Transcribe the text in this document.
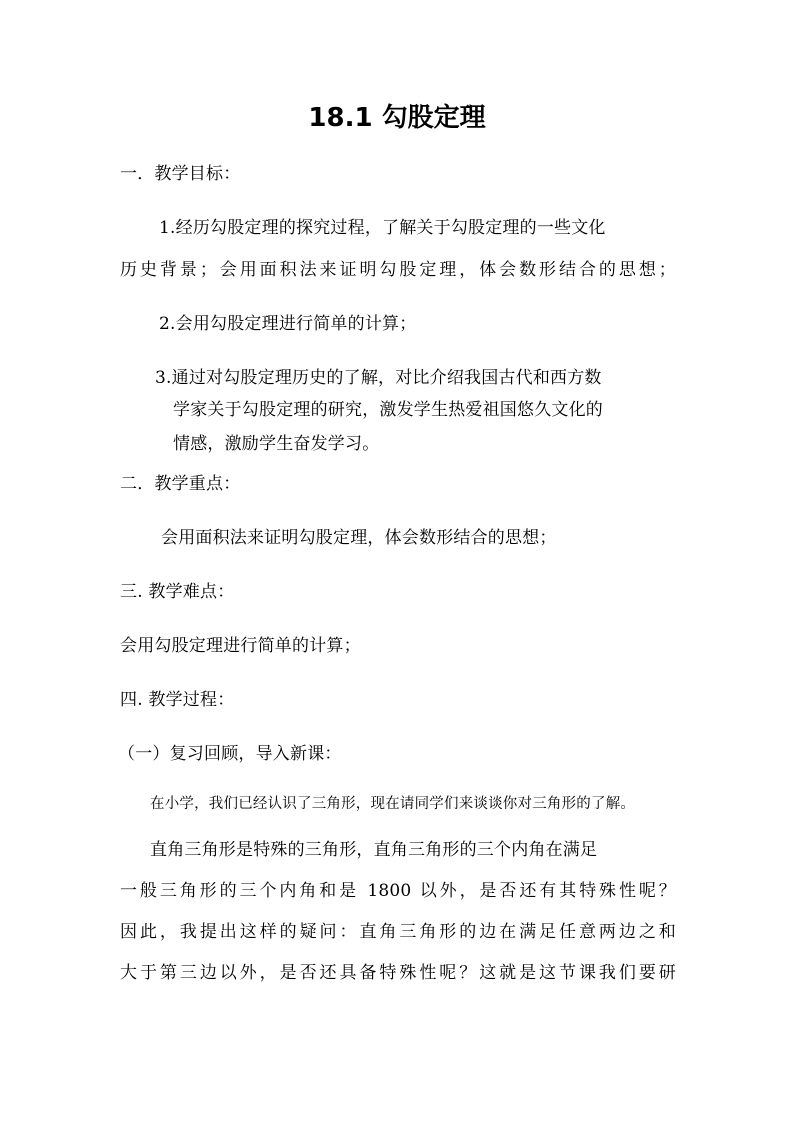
18.1 勾股定理
一．教学目标：
1.经历勾股定理的探究过程，了解关于勾股定理的一些文化
历史背景；会用面积法来证明勾股定理，体会数形结合的思想；
2.会用勾股定理进行简单的计算；
3.通过对勾股定理历史的了解，对比介绍我国古代和西方数
学家关于勾股定理的研究，激发学生热爱祖国悠久文化的
情感，激励学生奋发学习。
二．教学重点：
会用面积法来证明勾股定理，体会数形结合的思想；
三. 教学难点：
会用勾股定理进行简单的计算；
四. 教学过程：
（一）复习回顾，导入新课：
在小学，我们已经认识了三角形，现在请同学们来谈谈你对三角形的了解。
直角三角形是特殊的三角形，直角三角形的三个内角在满足
一般三角形的三个内角和是 1800 以外，是否还有其特殊性呢？
因此，我提出这样的疑问：直角三角形的边在满足任意两边之和
大于第三边以外，是否还具备特殊性呢？这就是这节课我们要研
